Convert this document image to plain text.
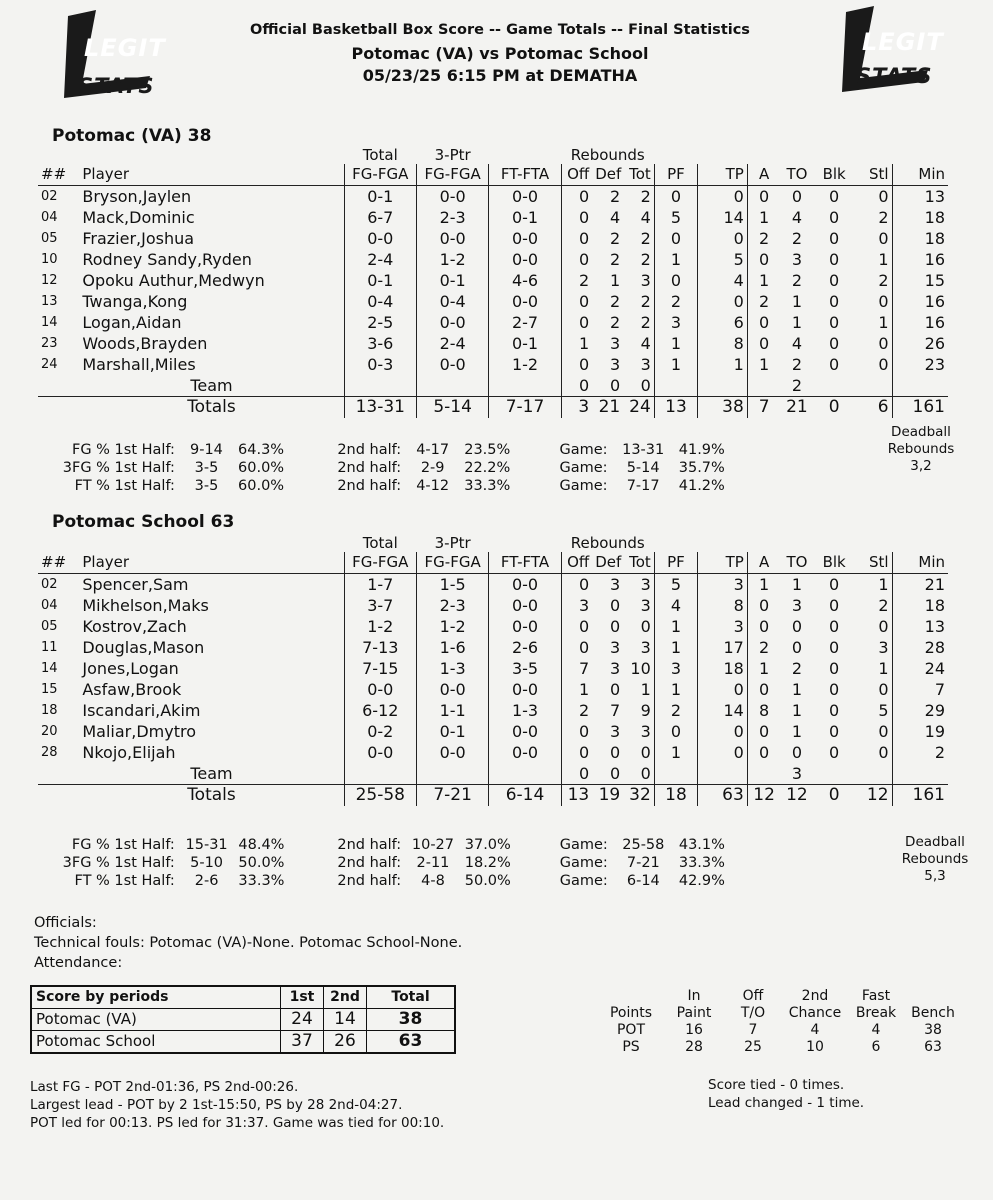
LEGIT
STATS
LEGIT
STATS
Official Basketball Box Score -- Game Totals -- Final Statistics
Potomac (VA) vs Potomac School
05/23/25 6:15 PM at DEMATHA
Potomac (VA) 38
		Total	3-Ptr		Rebounds									
##	Player	FG-FGA	FG-FGA	FT-FTA	Off	Def	Tot	PF	TP	A	TO	Blk	Stl	Min
02	Bryson,Jaylen	0-1	0-0	0-0	0	2	2	0	0	0	0	0	0	13
04	Mack,Dominic	6-7	2-3	0-1	0	4	4	5	14	1	4	0	2	18
05	Frazier,Joshua	0-0	0-0	0-0	0	2	2	0	0	2	2	0	0	18
10	Rodney Sandy,Ryden	2-4	1-2	0-0	0	2	2	1	5	0	3	0	1	16
12	Opoku Authur,Medwyn	0-1	0-1	4-6	2	1	3	0	4	1	2	0	2	15
13	Twanga,Kong	0-4	0-4	0-0	0	2	2	2	0	2	1	0	0	16
14	Logan,Aidan	2-5	0-0	2-7	0	2	2	3	6	0	1	0	1	16
23	Woods,Brayden	3-6	2-4	0-1	1	3	4	1	8	0	4	0	0	26
24	Marshall,Miles	0-3	0-0	1-2	0	3	3	1	1	1	2	0	0	23
	Team				0	0	0				2			
	Totals	13-31	5-14	7-17	3	21	24	13	38	7	21	0	6	161
FG % 1st Half:	9-14	64.3%	2nd half:	4-17	23.5%	Game:	13-31	41.9%
3FG % 1st Half:	3-5	60.0%	2nd half:	2-9	22.2%	Game:	5-14	35.7%
FT % 1st Half:	3-5	60.0%	2nd half:	4-12	33.3%	Game:	7-17	41.2%
Deadball
Rebounds
3,2
Potomac School 63
		Total	3-Ptr		Rebounds									
##	Player	FG-FGA	FG-FGA	FT-FTA	Off	Def	Tot	PF	TP	A	TO	Blk	Stl	Min
02	Spencer,Sam	1-7	1-5	0-0	0	3	3	5	3	1	1	0	1	21
04	Mikhelson,Maks	3-7	2-3	0-0	3	0	3	4	8	0	3	0	2	18
05	Kostrov,Zach	1-2	1-2	0-0	0	0	0	1	3	0	0	0	0	13
11	Douglas,Mason	7-13	1-6	2-6	0	3	3	1	17	2	0	0	3	28
14	Jones,Logan	7-15	1-3	3-5	7	3	10	3	18	1	2	0	1	24
15	Asfaw,Brook	0-0	0-0	0-0	1	0	1	1	0	0	1	0	0	7
18	Iscandari,Akim	6-12	1-1	1-3	2	7	9	2	14	8	1	0	5	29
20	Maliar,Dmytro	0-2	0-1	0-0	0	3	3	0	0	0	1	0	0	19
28	Nkojo,Elijah	0-0	0-0	0-0	0	0	0	1	0	0	0	0	0	2
	Team				0	0	0				3			
	Totals	25-58	7-21	6-14	13	19	32	18	63	12	12	0	12	161
FG % 1st Half:	15-31	48.4%	2nd half:	10-27	37.0%	Game:	25-58	43.1%
3FG % 1st Half:	5-10	50.0%	2nd half:	2-11	18.2%	Game:	7-21	33.3%
FT % 1st Half:	2-6	33.3%	2nd half:	4-8	50.0%	Game:	6-14	42.9%
Deadball
Rebounds
5,3
Officials:
Technical fouls: Potomac (VA)-None. Potomac School-None.
Attendance:
Score by periods	1st	2nd	Total
Potomac (VA)	24	14	38
Potomac School	37	26	63
	In	Off	2nd	Fast	
Points	Paint	T/O	Chance	Break	Bench
POT	16	7	4	4	38
PS	28	25	10	6	63
Last FG - POT 2nd-01:36, PS 2nd-00:26.
Largest lead - POT by 2 1st-15:50, PS by 28 2nd-04:27.
POT led for 00:13. PS led for 31:37. Game was tied for 00:10.
Score tied - 0 times.
Lead changed - 1 time.
